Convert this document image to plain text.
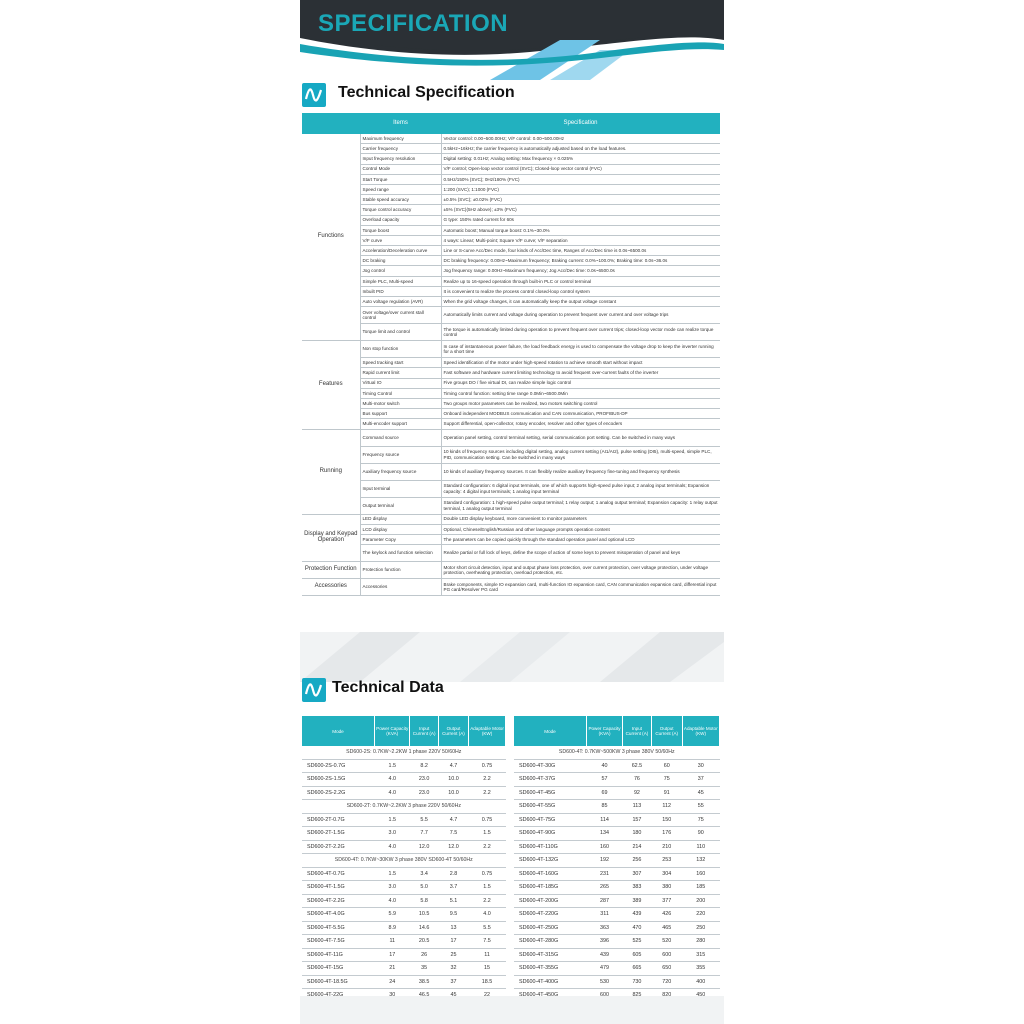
SPECIFICATION
Technical Specification
	Items	Specification
Functions	Maximum frequency	Vector control: 0.00~500.00Hz; V/F control: 0.00~500.00Hz
	Carrier frequency	0.5kHz~16kHz; the carrier frequency is automatically adjusted based on the load features.
	Input frequency resolution	Digital setting: 0.01Hz; Analog setting: Max frequency × 0.025%
	Control Mode	V/F control; Open-loop vector control (SVC); Closed-loop vector control (FVC)
	Start Torque	0.5Hz/150% (SVC); 0Hz/180% (FVC)
	Speed range	1:200 (SVC); 1:1000 (FVC)
	Stable speed accuracy	±0.5% (SVC); ±0.02% (FVC)
	Torque control accuracy	±5% (SVC)(5Hz above); ±3% (FVC)
	Overload capacity	G type: 150% rated current for 60s
	Torque boost	Automatic boost; Manual torque boost: 0.1%~30.0%
	V/F curve	4 ways: Linear; Multi-point; Square V/F curve; V/F separation
	Acceleration/Deceleration curve	Line or S-curve Acc/Dec mode, four kinds of Acc/Dec time, Ranges of Acc/Dec time is 0.0s~6500.0s
	DC braking	DC braking frequency: 0.00Hz~Maximum frequency; Braking current: 0.0%~100.0%; Braking time: 0.0s~36.0s
	Jog control	Jog frequency range: 0.00Hz~Maximum frequency; Jog Acc/Dec time: 0.0s~6500.0s
	Simple PLC, Multi-speed	Realize up to 16-speed operation through built-in PLC or control terminal
	Inbuilt PID	It is convenient to realize the process control closed-loop control system
	Auto voltage regulation (AVR)	When the grid voltage changes, it can automatically keep the output voltage constant
	Over voltage/over current stall control	Automatically limits current and voltage during operation to prevent frequent over current and over voltage trips
	Torque limit and control	The torque is automatically limited during operation to prevent frequent over current trips; closed-loop vector mode can realize torque control
Features	Non stop function	In case of instantaneous power failure, the load feedback energy is used to compensate the voltage drop to keep the inverter running for a short time
	Speed tracking start	Speed identification of the motor under high-speed rotation to achieve smooth start without impact
	Rapid current limit	Fast software and hardware current limiting technology to avoid frequent over-current faults of the inverter
	Virtual IO	Five groups DO / five virtual DI, can realize simple logic control
	Timing Control	Timing control function: setting time range 0.0Min~6500.0Min
	Multi-motor switch	Two groups motor parameters can be realized, two motors switching control
	Bus support	Onboard independent MODBUS communication and CAN communication, PROFIBUS-DP
	Multi-encoder support	Support differential, open-collector, rotary encoder, resolver and other types of encoders
Running	Command source	Operation panel setting, control terminal setting, serial communication port setting. Can be switched in many ways
	Frequency source	10 kinds of frequency sources including digital setting, analog current setting (AI1/AI2), pulse setting (DI5), multi-speed, simple PLC, PID, communication setting. Can be switched in many ways
	Auxiliary frequency source	10 kinds of auxiliary frequency sources. It can flexibly realize auxiliary frequency fine-tuning and frequency synthesis
	Input terminal	Standard configuration: 6 digital input terminals, one of which supports high-speed pulse input; 2 analog input terminals; Expansion capacity: 4 digital input terminals; 1 analog input terminal
	Output terminal	Standard configuration: 1 high-speed pulse output terminal; 1 relay output; 1 analog output terminal; Expansion capacity: 1 relay output terminal, 1 analog output terminal
Display and Keypad Operation	LED display	Double LED display keyboard, more convenient to monitor parameters
	LCD display	Optional, Chinese/English/Russian and other language prompts operation content
	Parameter Copy	The parameters can be copied quickly through the standard operation panel and optional LCD
	The keylock and function selection	Realize partial or full lock of keys, define the scope of action of some keys to prevent misoperation of panel and keys
Protection Function	Protection function	Motor short circuit detection, input and output phase loss protection, over current protection, over voltage protection, under voltage protection, overheating protection, overload protection, etc.
Accessories	Accessories	Brake components, simple IO expansion card, multi-function IO expansion card, CAN communication expansion card, differential input PG card/Resolver PG card
Technical Data
Mode	Power Capacity (KVA)	Input Current (A)	Output Current (A)	Adaptable Motor (KW)
SD600-2S: 0.7KW~2.2KW 1 phase 220V 50/60Hz				
SD600-2S-0.7G	1.5	8.2	4.7	0.75
SD600-2S-1.5G	4.0	23.0	10.0	2.2
SD600-2S-2.2G	4.0	23.0	10.0	2.2
SD600-2T: 0.7KW~2.2KW 3 phase 220V 50/60Hz				
SD600-2T-0.7G	1.5	5.5	4.7	0.75
SD600-2T-1.5G	3.0	7.7	7.5	1.5
SD600-2T-2.2G	4.0	12.0	12.0	2.2
SD600-4T: 0.7KW~30KW 3 phase 380V SD600-4T 50/60Hz				
SD600-4T-0.7G	1.5	3.4	2.8	0.75
SD600-4T-1.5G	3.0	5.0	3.7	1.5
SD600-4T-2.2G	4.0	5.8	5.1	2.2
SD600-4T-4.0G	5.9	10.5	9.5	4.0
SD600-4T-5.5G	8.9	14.6	13	5.5
SD600-4T-7.5G	11	20.5	17	7.5
SD600-4T-11G	17	26	25	11
SD600-4T-15G	21	35	32	15
SD600-4T-18.5G	24	38.5	37	18.5

Mode	Power Capacity (KVA)	Input Current (A)	Output Current (A)	Adaptable Motor (KW)
SD600-4T: 0.7KW~500KW 3 phase 380V 50/60Hz				
SD600-4T-30G	40	62.5	60	30
SD600-4T-37G	57	76	75	37
SD600-4T-45G	69	92	91	45
SD600-4T-55G	85	113	112	55
SD600-4T-75G	114	157	150	75
SD600-4T-90G	134	180	176	90
SD600-4T-110G	160	214	210	110
SD600-4T-132G	192	256	253	132
SD600-4T-160G	231	307	304	160
SD600-4T-185G	265	383	380	185
SD600-4T-200G	287	389	377	200
SD600-4T-220G	311	439	426	220
SD600-4T-250G	363	470	465	250
SD600-4T-280G	396	525	520	280
SD600-4T-315G	439	605	600	315
SD600-4T-355G	479	665	650	355
SD600-4T-400G	530	730	720	400
